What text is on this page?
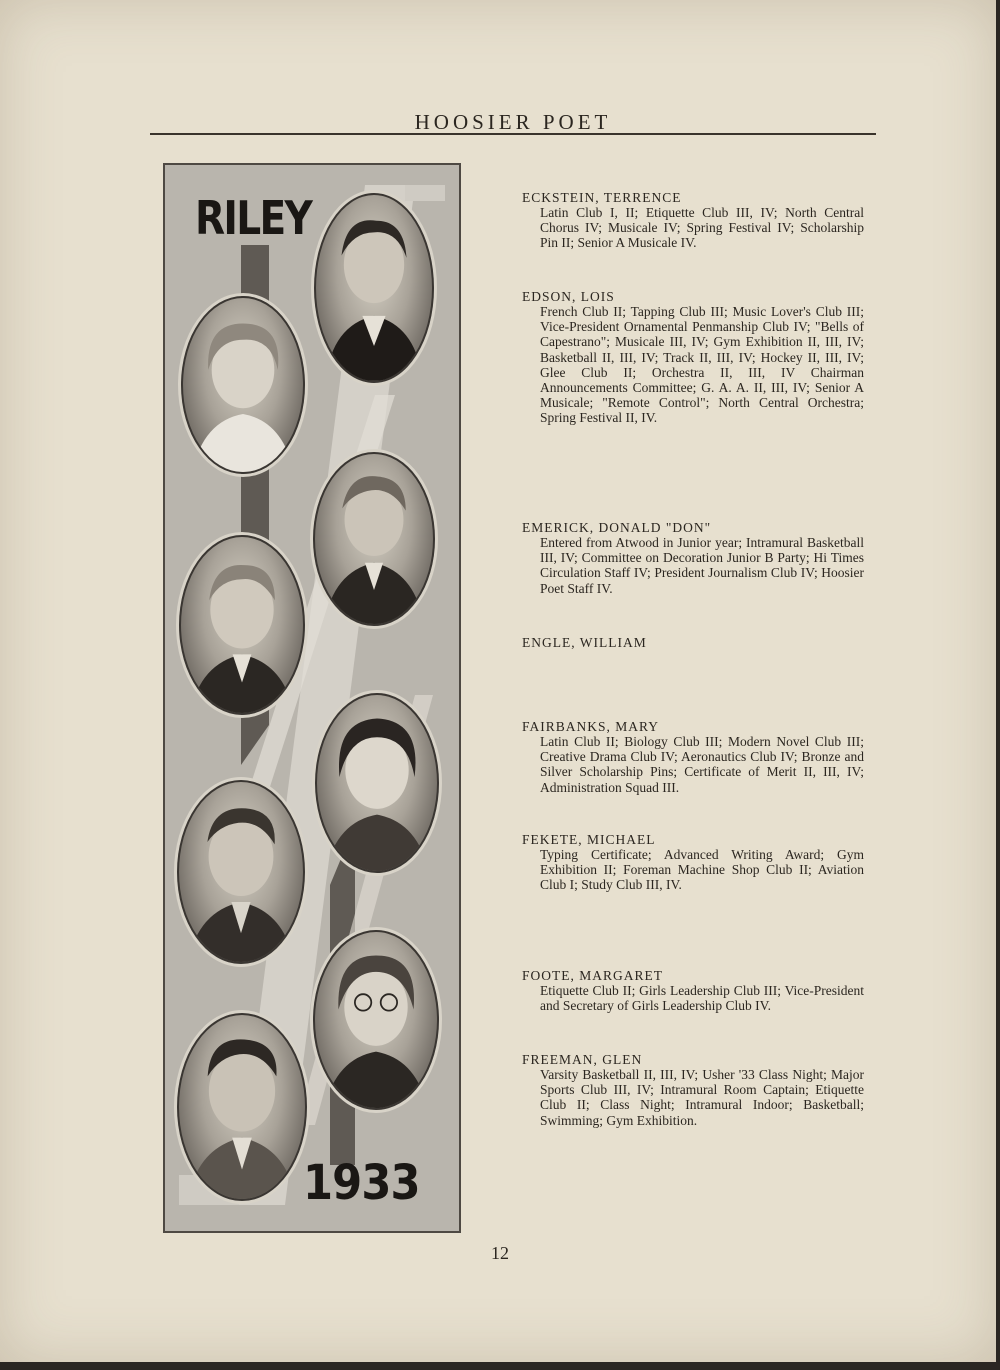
HOOSIER POET
RILEY
1933
ECKSTEIN, TERRENCE
Latin Club I, II; Etiquette Club III, IV; North Central Chorus IV; Musicale IV; Spring Festival IV; Scholarship Pin II; Senior A Musicale IV.
EDSON, LOIS
French Club II; Tapping Club III; Music Lover's Club III; Vice-President Ornamental Penmanship Club IV; "Bells of Capestrano"; Musicale III, IV; Gym Exhibition II, III, IV; Basketball II, III, IV; Track II, III, IV; Hockey II, III, IV; Glee Club II; Orchestra II, III, IV Chairman Announcements Committee; G. A. A. II, III, IV; Senior A Musicale; "Remote Control"; North Central Orchestra; Spring Festival II, IV.
EMERICK, DONALD "DON"
Entered from Atwood in Junior year; Intramural Basketball III, IV; Committee on Decoration Junior B Party; Hi Times Circulation Staff IV; President Journalism Club IV; Hoosier Poet Staff IV.
ENGLE, WILLIAM
FAIRBANKS, MARY
Latin Club II; Biology Club III; Modern Novel Club III; Creative Drama Club IV; Aeronautics Club IV; Bronze and Silver Scholarship Pins; Certificate of Merit II, III, IV; Administration Squad III.
FEKETE, MICHAEL
Typing Certificate; Advanced Writing Award; Gym Exhibition II; Foreman Machine Shop Club II; Aviation Club I; Study Club III, IV.
FOOTE, MARGARET
Etiquette Club II; Girls Leadership Club III; Vice-President and Secretary of Girls Leadership Club IV.
FREEMAN, GLEN
Varsity Basketball II, III, IV; Usher '33 Class Night; Major Sports Club III, IV; Intramural Room Captain; Etiquette Club II; Class Night; Intramural Indoor; Basketball; Swimming; Gym Exhibition.
12
